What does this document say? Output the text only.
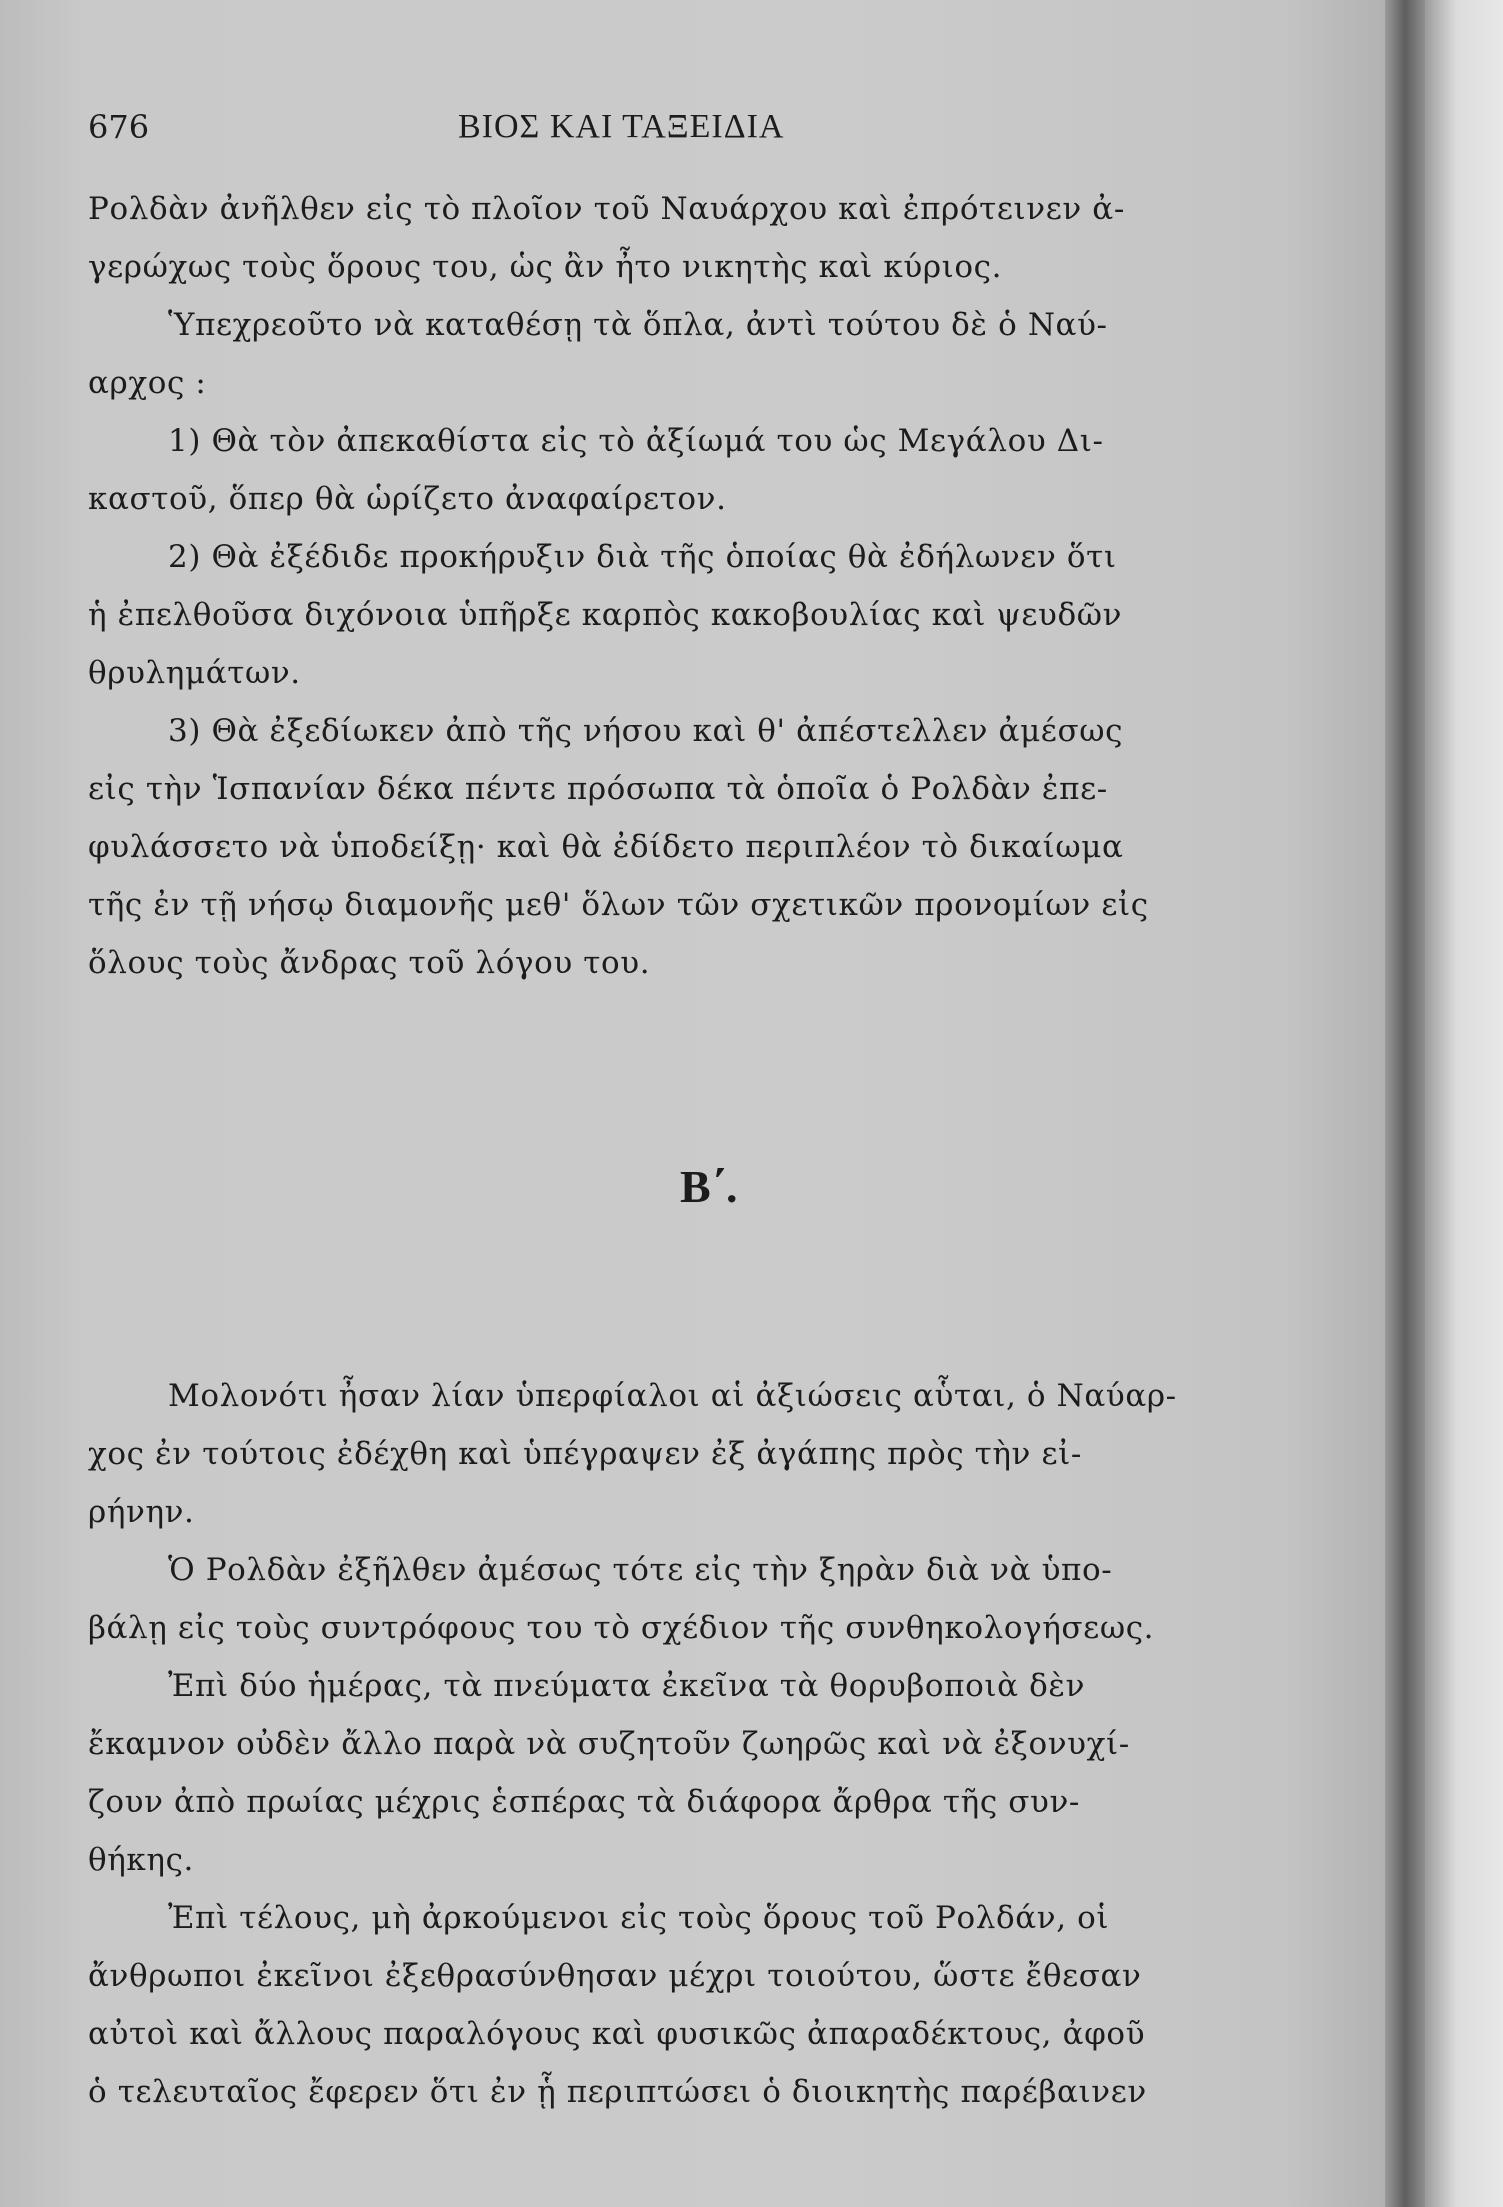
676	ΒΙΟΣ ΚΑΙ ΤΑΞΕΙΔΙΑ
Ρολδὰν ἀνῆλθεν εἰς τὸ πλοῖον τοῦ Ναυάρχου καὶ ἐπρότεινεν ἀ-
γερώχως τοὺς ὅρους του, ὡς ἂν ἦτο νικητὴς καὶ κύριος.
Ὑπεχρεοῦτο νὰ καταθέσῃ τὰ ὅπλα, ἀντὶ τούτου δὲ ὁ Ναύ-
αρχος :
1) Θὰ τὸν ἀπεκαθίστα εἰς τὸ ἀξίωμά του ὡς Μεγάλου Δι-
καστοῦ, ὅπερ θὰ ὡρίζετο ἀναφαίρετον.
2) Θὰ ἐξέδιδε προκήρυξιν διὰ τῆς ὁποίας θὰ ἐδήλωνεν ὅτι
ἡ ἐπελθοῦσα διχόνοια ὑπῆρξε καρπὸς κακοβουλίας καὶ ψευδῶν
θρυλημάτων.
3) Θὰ ἐξεδίωκεν ἀπὸ τῆς νήσου καὶ θ' ἀπέστελλεν ἀμέσως
εἰς τὴν Ἱσπανίαν δέκα πέντε πρόσωπα τὰ ὁποῖα ὁ Ρολδὰν ἐπε-
φυλάσσετο νὰ ὑποδείξῃ· καὶ θὰ ἐδίδετο περιπλέον τὸ δικαίωμα
τῆς ἐν τῇ νήσῳ διαμονῆς μεθ' ὅλων τῶν σχετικῶν προνομίων εἰς
ὅλους τοὺς ἄνδρας τοῦ λόγου του.
Μολονότι ἦσαν λίαν ὑπερφίαλοι αἱ ἀξιώσεις αὗται, ὁ Ναύαρ-
χος ἐν τούτοις ἐδέχθη καὶ ὑπέγραψεν ἐξ ἀγάπης πρὸς τὴν εἰ-
ρήνην.
Ὁ Ρολδὰν ἐξῆλθεν ἀμέσως τότε εἰς τὴν ξηρὰν διὰ νὰ ὑπο-
βάλῃ εἰς τοὺς συντρόφους του τὸ σχέδιον τῆς συνθηκολογήσεως.
Ἐπὶ δύο ἡμέρας, τὰ πνεύματα ἐκεῖνα τὰ θορυβοποιὰ δὲν
ἔκαμνον οὐδὲν ἄλλο παρὰ νὰ συζητοῦν ζωηρῶς καὶ νὰ ἐξονυχί-
ζουν ἀπὸ πρωίας μέχρις ἑσπέρας τὰ διάφορα ἄρθρα τῆς συν-
θήκης.
Ἐπὶ τέλους, μὴ ἀρκούμενοι εἰς τοὺς ὅρους τοῦ Ρολδάν, οἱ
ἄνθρωποι ἐκεῖνοι ἐξεθρασύνθησαν μέχρι τοιούτου, ὥστε ἔθεσαν
αὐτοὶ καὶ ἄλλους παραλόγους καὶ φυσικῶς ἀπαραδέκτους, ἀφοῦ
ὁ τελευταῖος ἔφερεν ὅτι ἐν ᾗ περιπτώσει ὁ διοικητὴς παρέβαινεν
Β΄.
